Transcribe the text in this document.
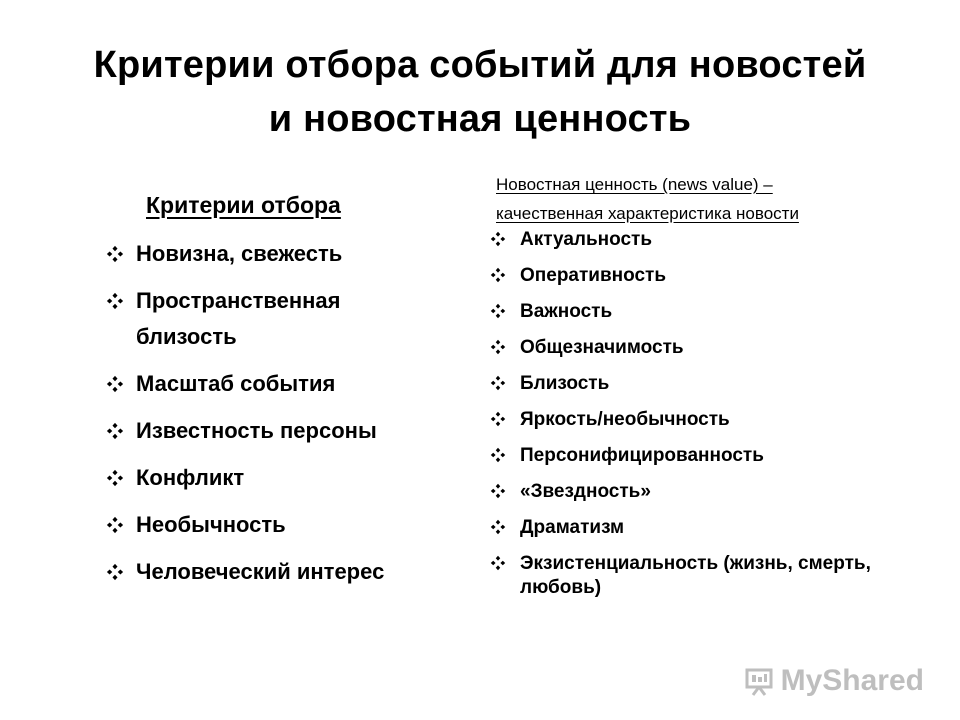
Критерии отбора событий для новостей
и новостная ценность
Критерии отбора
Новизна, свежесть
Пространственная близость
Масштаб события
Известность персоны
Конфликт
Необычность
Человеческий интерес
Новостная ценность (news value) –
качественная характеристика новости
Актуальность
Оперативность
Важность
Общезначимость
Близость
Яркость/необычность
Персонифицированность
«Звездность»
Драматизм
Экзистенциальность (жизнь, смерть, любовь)
MyShared
